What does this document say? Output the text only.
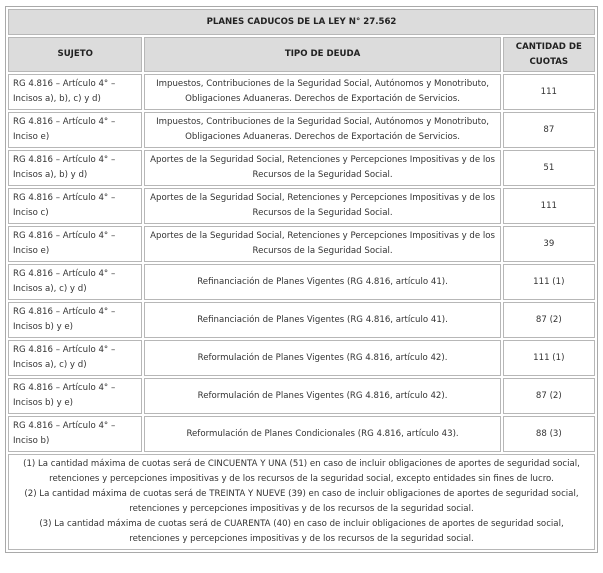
PLANES CADUCOS DE LA LEY N° 27.562		
SUJETO	TIPO DE DEUDA	CANTIDAD DE CUOTAS
RG 4.816 – Artículo 4° – Incisos a), b), c) y d)	Impuestos, Contribuciones de la Seguridad Social, Autónomos y Monotributo, Obligaciones Aduaneras. Derechos de Exportación de Servicios.	111
RG 4.816 – Artículo 4° – Inciso e)	Impuestos, Contribuciones de la Seguridad Social, Autónomos y Monotributo, Obligaciones Aduaneras. Derechos de Exportación de Servicios.	87
RG 4.816 – Artículo 4° – Incisos a), b) y d)	Aportes de la Seguridad Social, Retenciones y Percepciones Impositivas y de los Recursos de la Seguridad Social.	51
RG 4.816 – Artículo 4° – Inciso c)	Aportes de la Seguridad Social, Retenciones y Percepciones Impositivas y de los Recursos de la Seguridad Social.	111
RG 4.816 – Artículo 4° – Inciso e)	Aportes de la Seguridad Social, Retenciones y Percepciones Impositivas y de los Recursos de la Seguridad Social.	39
RG 4.816 – Artículo 4° – Incisos a), c) y d)	Refinanciación de Planes Vigentes (RG 4.816, artículo 41).	111 (1)
RG 4.816 – Artículo 4° – Incisos b) y e)	Refinanciación de Planes Vigentes (RG 4.816, artículo 41).	87 (2)
RG 4.816 – Artículo 4° – Incisos a), c) y d)	Reformulación de Planes Vigentes (RG 4.816, artículo 42).	111 (1)
RG 4.816 – Artículo 4° – Incisos b) y e)	Reformulación de Planes Vigentes (RG 4.816, artículo 42).	87 (2)
RG 4.816 – Artículo 4° – Inciso b)	Reformulación de Planes Condicionales (RG 4.816, artículo 43).	88 (3)

(1) La cantidad máxima de cuotas será de CINCUENTA Y UNA (51) en caso de incluir obligaciones de aportes de seguridad social, retenciones y percepciones impositivas y de los recursos de la seguridad social, excepto entidades sin fines de lucro.
(2) La cantidad máxima de cuotas será de TREINTA Y NUEVE (39) en caso de incluir obligaciones de aportes de seguridad social, retenciones y percepciones impositivas y de los recursos de la seguridad social.
(3) La cantidad máxima de cuotas será de CUARENTA (40) en caso de incluir obligaciones de aportes de seguridad social, retenciones y percepciones impositivas y de los recursos de la seguridad social.		
